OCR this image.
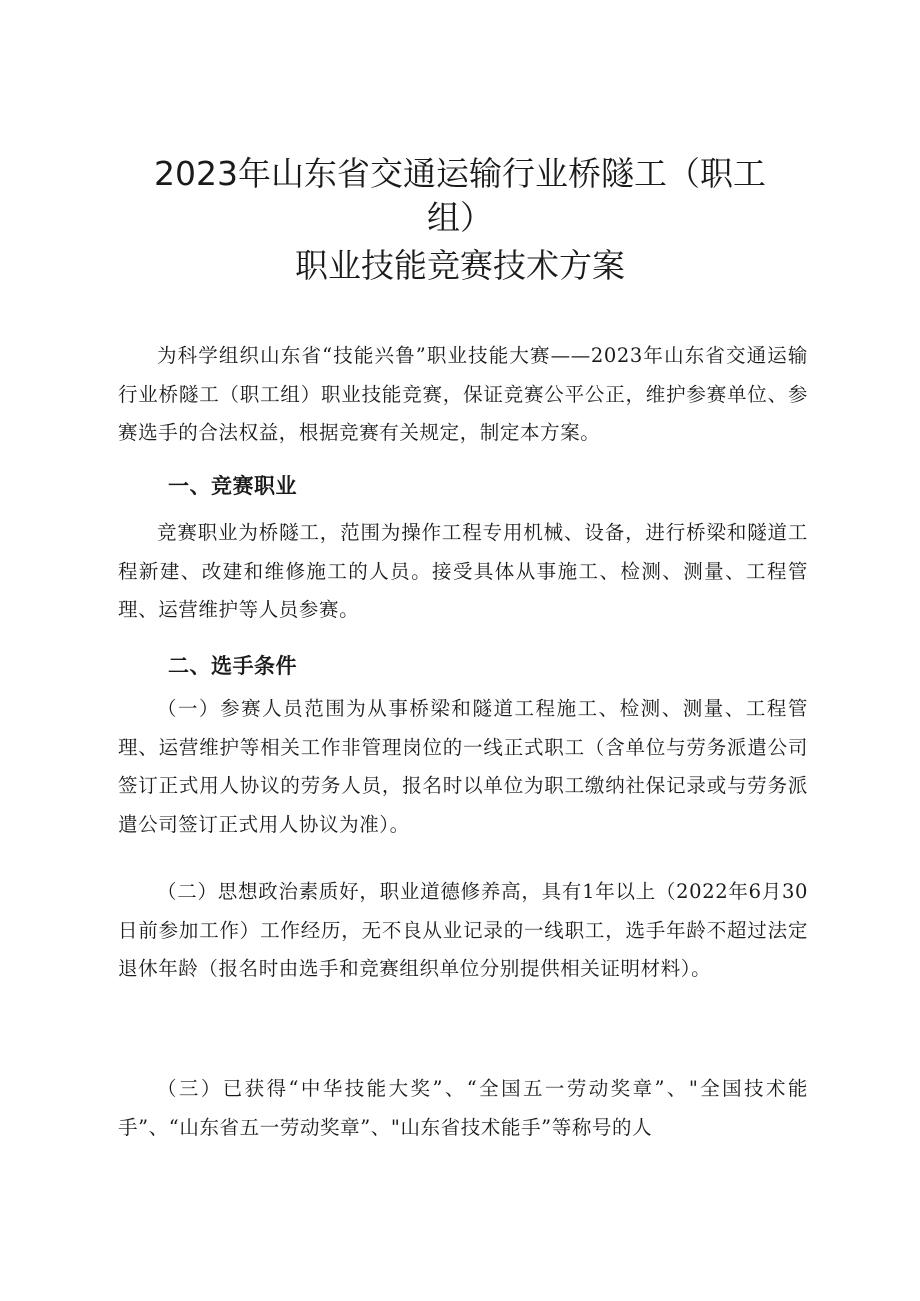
2023年山东省交通运输行业桥隧工（职工
组）
职业技能竞赛技术方案
为科学组织山东省“技能兴鲁”职业技能大赛——2023年山东省交通运输行业桥隧工（职工组）职业技能竞赛，保证竞赛公平公正，维护参赛单位、参赛选手的合法权益，根据竞赛有关规定，制定本方案。
一、竞赛职业
竞赛职业为桥隧工，范围为操作工程专用机械、设备，进行桥梁和隧道工程新建、改建和维修施工的人员。接受具体从事施工、检测、测量、工程管理、运营维护等人员参赛。
二、选手条件
（一）参赛人员范围为从事桥梁和隧道工程施工、检测、测量、工程管理、运营维护等相关工作非管理岗位的一线正式职工（含单位与劳务派遣公司签订正式用人协议的劳务人员，报名时以单位为职工缴纳社保记录或与劳务派遣公司签订正式用人协议为准）。
（二）思想政治素质好，职业道德修养高，具有1年以上（2022年6月30日前参加工作）工作经历，无不良从业记录的一线职工，选手年龄不超过法定退休年龄（报名时由选手和竞赛组织单位分别提供相关证明材料）。
（三）已获得“中华技能大奖”、“全国五一劳动奖章”、"全国技术能手”、“山东省五一劳动奖章”、"山东省技术能手”等称号的人
